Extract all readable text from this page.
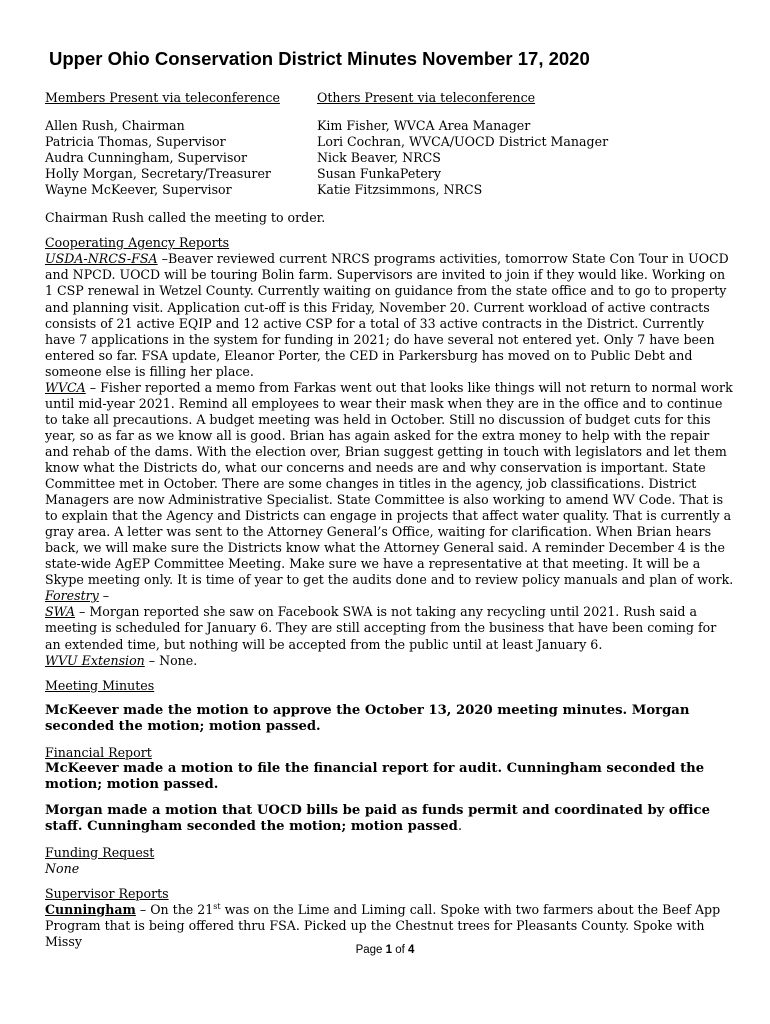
Upper Ohio Conservation District Minutes November 17, 2020
Members Present via teleconference
Allen Rush, Chairman
Patricia Thomas, Supervisor
Audra Cunningham, Supervisor
Holly Morgan, Secretary/Treasurer
Wayne McKeever, Supervisor
Others Present via teleconference
Kim Fisher, WVCA Area Manager
Lori Cochran, WVCA/UOCD District Manager
Nick Beaver, NRCS
Susan FunkaPetery
Katie Fitzsimmons, NRCS

Chairman Rush called the meeting to order.

Cooperating Agency Reports

USDA-NRCS-FSA –Beaver reviewed current NRCS programs activities, tomorrow State Con Tour in UOCD and NPCD. UOCD will be touring Bolin farm. Supervisors are invited to join if they would like. Working on 1 CSP renewal in Wetzel County. Currently waiting on guidance from the state office and to go to property and planning visit. Application cut-off is this Friday, November 20. Current workload of active contracts consists of 21 active EQIP and 12 active CSP for a total of 33 active contracts in the District. Currently have 7 applications in the system for funding in 2021; do have several not entered yet. Only 7 have been entered so far. FSA update, Eleanor Porter, the CED in Parkersburg has moved on to Public Debt and someone else is filling her place.

WVCA – Fisher reported a memo from Farkas went out that looks like things will not return to normal work until mid-year 2021. Remind all employees to wear their mask when they are in the office and to continue to take all precautions. A budget meeting was held in October. Still no discussion of budget cuts for this year, so as far as we know all is good. Brian has again asked for the extra money to help with the repair and rehab of the dams. With the election over, Brian suggest getting in touch with legislators and let them know what the Districts do, what our concerns and needs are and why conservation is important. State Committee met in October. There are some changes in titles in the agency, job classifications. District Managers are now Administrative Specialist. State Committee is also working to amend WV Code. That is to explain that the Agency and Districts can engage in projects that affect water quality. That is currently a gray area. A letter was sent to the Attorney General’s Office, waiting for clarification. When Brian hears back, we will make sure the Districts know what the Attorney General said. A reminder December 4 is the state-wide AgEP Committee Meeting. Make sure we have a representative at that meeting. It will be a Skype meeting only. It is time of year to get the audits done and to review policy manuals and plan of work.

Forestry –

SWA – Morgan reported she saw on Facebook SWA is not taking any recycling until 2021. Rush said a meeting is scheduled for January 6. They are still accepting from the business that have been coming for an extended time, but nothing will be accepted from the public until at least January 6.

WVU Extension – None.

Meeting Minutes

McKeever made the motion to approve the October 13, 2020 meeting minutes. Morgan seconded the motion; motion passed.

Financial Report

McKeever made a motion to file the financial report for audit. Cunningham seconded the motion; motion passed.

Morgan made a motion that UOCD bills be paid as funds permit and coordinated by office staff. Cunningham seconded the motion; motion passed.

Funding Request
None
Supervisor Reports

Cunningham – On the 21st was on the Lime and Liming call. Spoke with two farmers about the Beef App Program that is being offered thru FSA. Picked up the Chestnut trees for Pleasants County. Spoke with Missy

Page 1 of 4
